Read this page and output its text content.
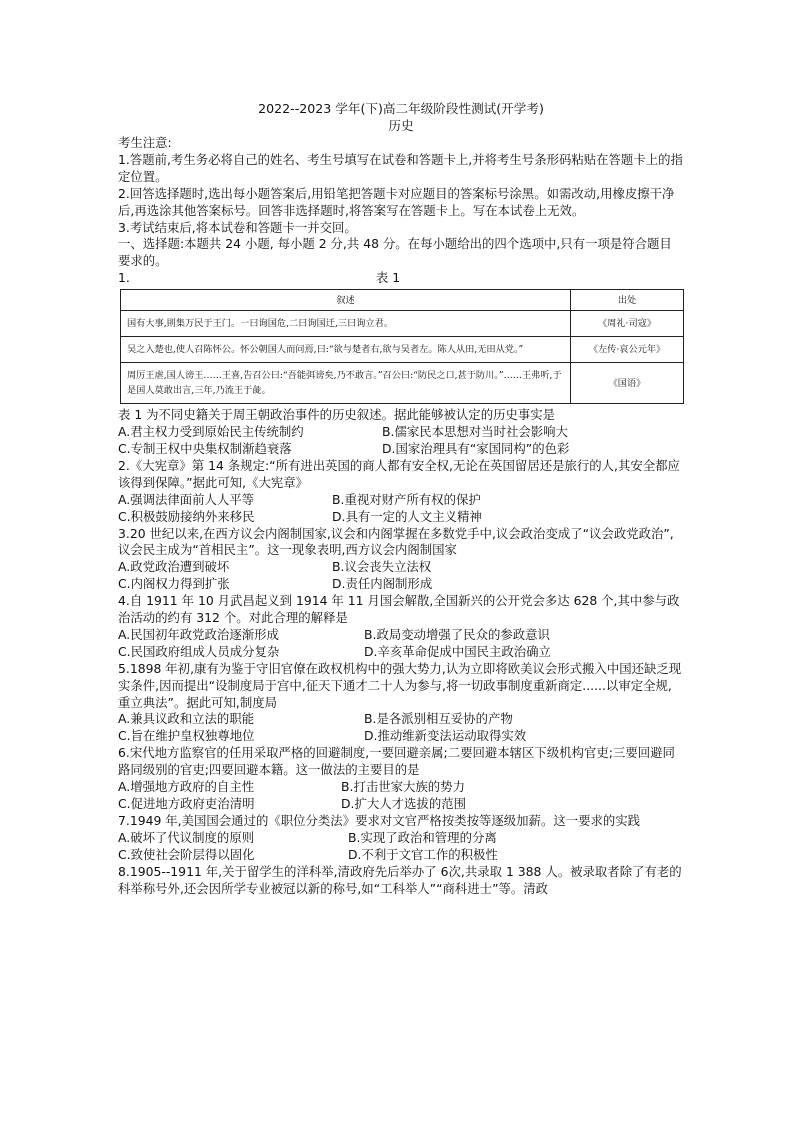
2022--2023 学年(下)高二年级阶段性测试(开学考)
历史

考生注意:

1.答题前,考生务必将自己的姓名、考生号填写在试卷和答题卡上,并将考生号条形码粘贴在答题卡上的指定位置。

2.回答选择题时,选出每小题答案后,用铅笔把答题卡对应题目的答案标号涂黑。如需改动,用橡皮擦干净后,再选涂其他答案标号。回答非选择题时,将答案写在答题卡上。写在本试卷上无效。

3.考试结束后,将本试卷和答题卡一并交回。

一、选择题:本题共 24 小题, 每小题 2 分,共 48 分。在每小题给出的四个选项中,只有一项是符合题目要求的。

1.	表 1
叙述	出处
国有大事,則集万民于王门。一曰询国危,二曰询国迁,三曰询立君。	《周礼·司寇》
吴之入楚也,使人召陈怀公。怀公朝国人而问焉,曰:“欲与楚者右,欲与吴者左。陈人从田,无田从党。”	《左传·哀公元年》
周厉王虐,国人谤王……王喜,告召公曰:“吾能弭谤矣,乃不敢言。”召公曰:“防民之口,甚于防川。”……王弗听,于是国人莫敢出言,三年,乃流王于彘。	《国语》

表 1 为不同史籍关于周王朝政治事件的历史叙述。据此能够被认定的历史事实是

A.君主权力受到原始民主传统制约	B.儒家民本思想对当时社会影响大
C.专制王权中央集权制渐趋衰落	D.国家治理具有“家国同构”的色彩

2.《大宪章》第 14 条规定:“所有进出英国的商人都有安全权,无论在英国留居还是旅行的人,其安全都应该得到保障。”据此可知,《大宪章》

A.强调法律面前人人平等	B.重视对财产所有权的保护
C.积极鼓励接纳外来移民	D.具有一定的人文主义精神

3.20 世纪以来,在西方议会内阁制国家,议会和内阁掌握在多数党手中,议会政治变成了“议会政党政治”,议会民主成为“首相民主”。这一现象表明,西方议会内阁制国家

A.政党政治遭到破坏	B.议会丧失立法权
C.内阁权力得到扩张	D.责任内阁制形成

4.自 1911 年 10 月武昌起义到 1914 年 11 月国会解散,全国新兴的公开党会多达 628 个,其中参与政治活动的约有 312 个。对此合理的解释是

A.民国初年政党政治逐渐形成	B.政局变动增强了民众的参政意识
C.民国政府组成人员成分复杂	D.辛亥革命促成中国民主政治确立

5.1898 年初,康有为鉴于守旧官僚在政权机构中的强大势力,认为立即将欧美议会形式搬入中国还缺乏现实条件,因而提出“设制度局于宫中,征天下通才二十人为参与,将一切政事制度重新商定......以审定全规,重立典法”。据此可知,制度局

A.兼具议政和立法的职能	B.是各派别相互妥协的产物
C.旨在维护皇权独尊地位	D.推动维新变法运动取得实效

6.宋代地方监察官的任用采取严格的回避制度,一要回避亲属;二要回避本辖区下级机构官吏;三要回避同路同级别的官吏;四要回避本籍。这一做法的主要目的是

A.增强地方政府的自主性	B.打击世家大族的势力
C.促进地方政府吏治清明	D.扩大人才选拔的范围

7.1949 年,美国国会通过的《职位分类法》要求对文官严格按类按等逐级加薪。这一要求的实践

A.破坏了代议制度的原则	B.实现了政治和管理的分离
C.致使社会阶层得以固化	D.不利于文官工作的积极性

8.1905--1911 年,关于留学生的洋科举,清政府先后举办了 6次,共录取 1 388 人。被录取者除了有老的科举称号外,还会因所学专业被冠以新的称号,如“工科举人”“商科进士”等。清政
